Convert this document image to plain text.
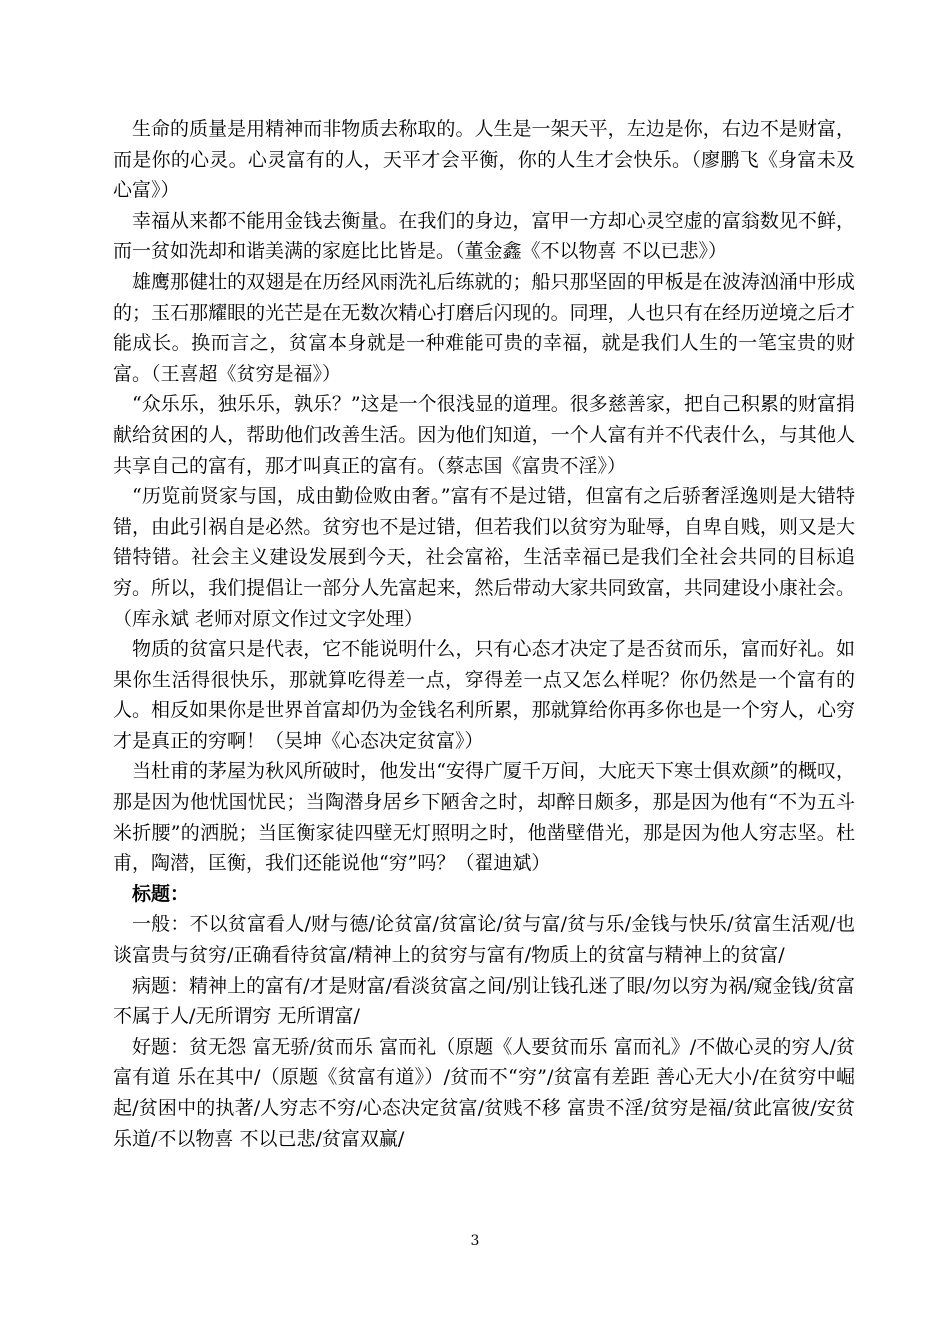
生命的质量是用精神而非物质去称取的。人生是一架天平，左边是你，右边不是财富，而是你的心灵。心灵富有的人，天平才会平衡，你的人生才会快乐。（廖鹏飞《身富未及心富》）

幸福从来都不能用金钱去衡量。在我们的身边，富甲一方却心灵空虚的富翁数见不鲜，而一贫如洗却和谐美满的家庭比比皆是。（董金鑫《不以物喜 不以已悲》）

雄鹰那健壮的双翅是在历经风雨洗礼后练就的；船只那坚固的甲板是在波涛汹涌中形成的；玉石那耀眼的光芒是在无数次精心打磨后闪现的。同理，人也只有在经历逆境之后才能成长。换而言之，贫富本身就是一种难能可贵的幸福，就是我们人生的一笔宝贵的财富。（王喜超《贫穷是福》）

“众乐乐，独乐乐，孰乐？”这是一个很浅显的道理。很多慈善家，把自己积累的财富捐献给贫困的人，帮助他们改善生活。因为他们知道，一个人富有并不代表什么，与其他人共享自己的富有，那才叫真正的富有。（蔡志国《富贵不淫》）

“历览前贤家与国，成由勤俭败由奢。”富有不是过错，但富有之后骄奢淫逸则是大错特错，由此引祸自是必然。贫穷也不是过错，但若我们以贫穷为耻辱，自卑自贱，则又是大错特错。社会主义建设发展到今天，社会富裕，生活幸福已是我们全社会共同的目标追穷。所以，我们提倡让一部分人先富起来，然后带动大家共同致富，共同建设小康社会。（库永斌 老师对原文作过文字处理）

物质的贫富只是代表，它不能说明什么，只有心态才决定了是否贫而乐，富而好礼。如果你生活得很快乐，那就算吃得差一点，穿得差一点又怎么样呢？你仍然是一个富有的人。相反如果你是世界首富却仍为金钱名利所累，那就算给你再多你也是一个穷人，心穷才是真正的穷啊！（吴坤《心态决定贫富》）

当杜甫的茅屋为秋风所破时，他发出“安得广厦千万间，大庇天下寒士俱欢颜”的概叹，那是因为他忧国忧民；当陶潜身居乡下陋舍之时，却醉日颇多，那是因为他有“不为五斗米折腰”的洒脱；当匡衡家徒四壁无灯照明之时，他凿壁借光，那是因为他人穷志坚。杜甫，陶潜，匡衡，我们还能说他“穷”吗？（翟迪斌）

标题：

一般：不以贫富看人/财与德/论贫富/贫富论/贫与富/贫与乐/金钱与快乐/贫富生活观/也谈富贵与贫穷/正确看待贫富/精神上的贫穷与富有/物质上的贫富与精神上的贫富/

病题：精神上的富有/才是财富/看淡贫富之间/别让钱孔迷了眼/勿以穷为祸/窥金钱/贫富不属于人/无所谓穷 无所谓富/

好题：贫无怨 富无骄/贫而乐 富而礼（原题《人要贫而乐 富而礼》/不做心灵的穷人/贫富有道 乐在其中/（原题《贫富有道》）/贫而不“穷”/贫富有差距 善心无大小/在贫穷中崛起/贫困中的执著/人穷志不穷/心态决定贫富/贫贱不移 富贵不淫/贫穷是福/贫此富彼/安贫乐道/不以物喜 不以已悲/贫富双赢/

3
